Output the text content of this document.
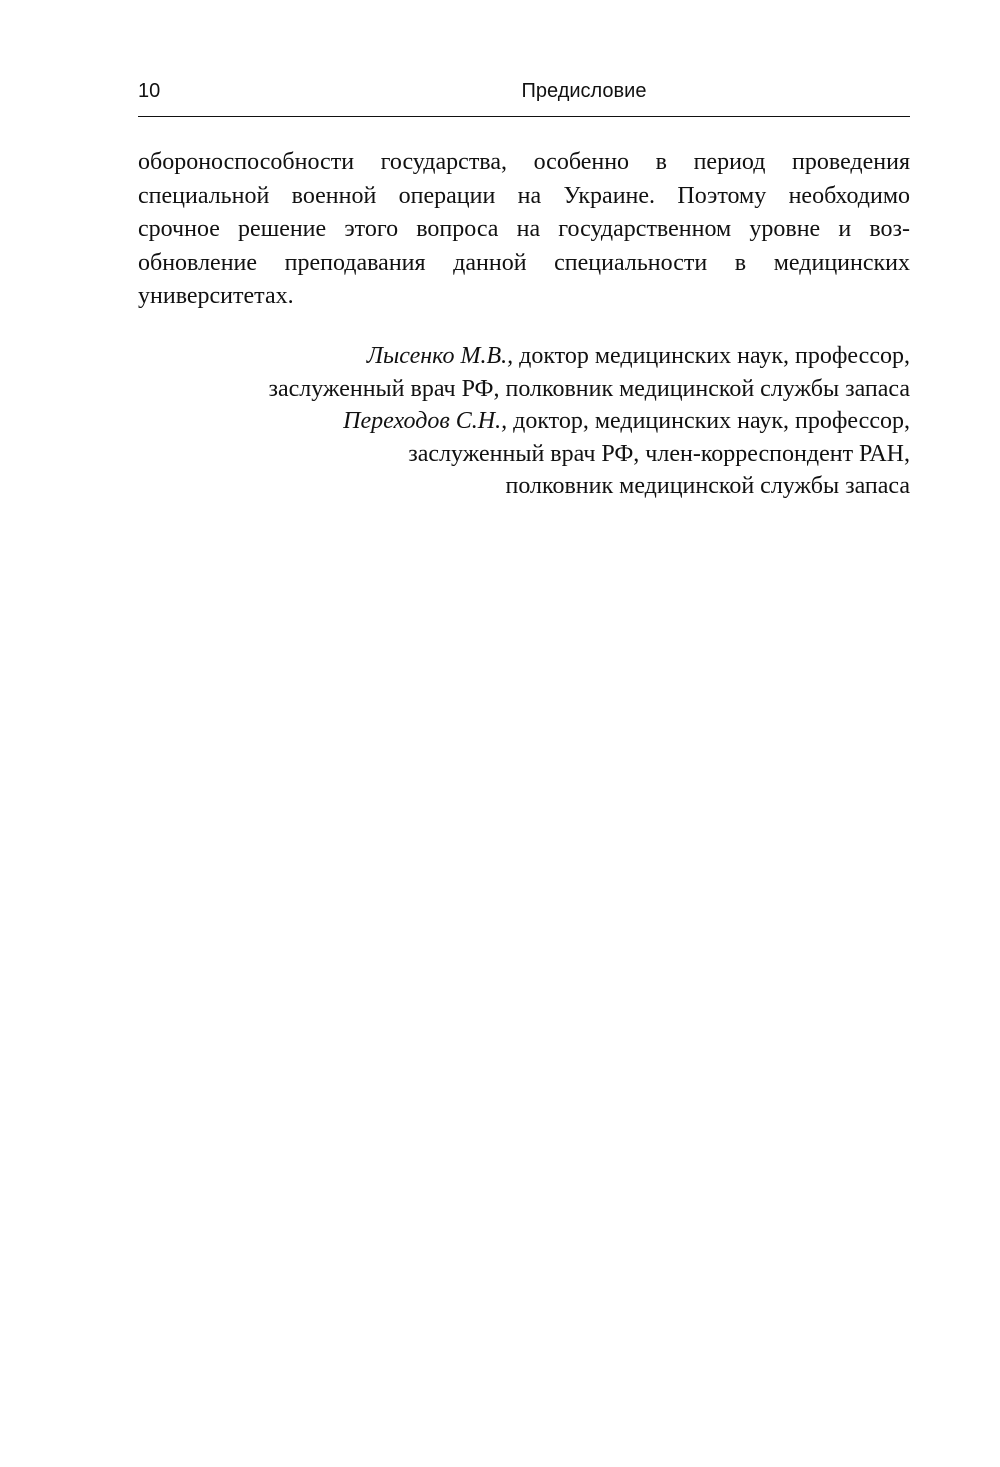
10	Предисловие
обороноспособности государства, особенно в период проведения
специальной военной операции на Украине. Поэтому необходимо
срочное решение этого вопроса на государственном уровне и воз-
обновление преподавания данной специальности в медицинских
университетах.
Лысенко М.В., доктор медицинских наук, профессор,
заслуженный врач РФ, полковник медицинской службы запаса
Переходов С.Н., доктор, медицинских наук, профессор,
заслуженный врач РФ, член-корреспондент РАН,
полковник медицинской службы запаса
